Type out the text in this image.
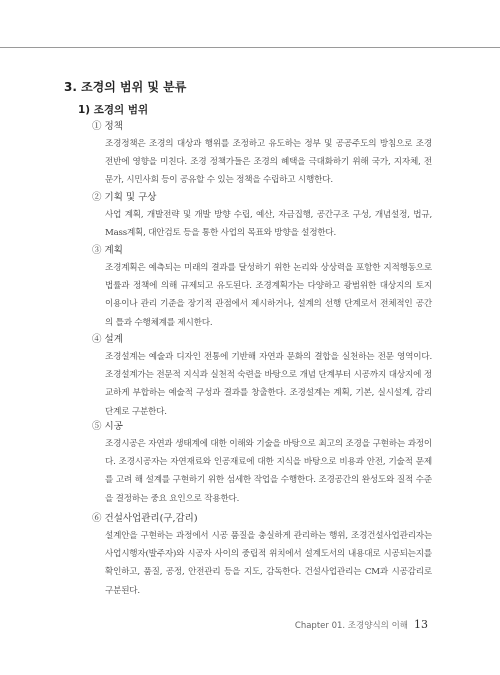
3. 조경의 범위 및 분류
1) 조경의 범위
① 정책
조경정책은 조경의 대상과 행위를 조정하고 유도하는 정부 및 공공주도의 방침으로 조경 전반에 영향을 미친다. 조경 정책가들은 조경의 혜택을 극대화하기 위해 국가, 지자체, 전문가, 시민사회 등이 공유할 수 있는 정책을 수립하고 시행한다.
② 기획 및 구상
사업 계획, 개발전략 및 개발 방향 수립, 예산, 자금집행, 공간구조 구성, 개념설정, 법규, Mass계획, 대안검토 등을 통한 사업의 목표와 방향을 설정한다.
③ 계획
조경계획은 예측되는 미래의 결과를 달성하기 위한 논리와 상상력을 포함한 지적행동으로 법률과 정책에 의해 규제되고 유도된다. 조경계획가는 다양하고 광범위한 대상지의 토지 이용이나 관리 기준을 장기적 관점에서 제시하거나, 설계의 선행 단계로서 전체적인 공간의 틀과 수행체계를 제시한다.
④ 설계
조경설계는 예술과 디자인 전통에 기반해 자연과 문화의 결합을 실천하는 전문 영역이다. 조경설계가는 전문적 지식과 실천적 숙련을 바탕으로 개념 단계부터 시공까지 대상지에 정교하게 부합하는 예술적 구성과 결과를 창출한다. 조경설계는 계획, 기본, 실시설계, 감리 단계로 구분한다.
⑤ 시공
조경시공은 자연과 생태계에 대한 이해와 기술을 바탕으로 최고의 조경을 구현하는 과정이다. 조경시공자는 자연재료와 인공재료에 대한 지식을 바탕으로 비용과 안전, 기술적 문제를 고려 해 설계를 구현하기 위한 섬세한 작업을 수행한다. 조경공간의 완성도와 질적 수준을 결정하는 중요 요인으로 작용한다.
⑥ 건설사업관리(구,감리)
설계안을 구현하는 과정에서 시공 품질을 충실하게 관리하는 행위, 조경건설사업관리자는 사업시행자(발주자)와 시공자 사이의 중립적 위치에서 설계도서의 내용대로 시공되는지를 확인하고, 품질, 공정, 안전관리 등을 지도, 감독한다. 건설사업관리는 CM과 시공감리로 구분된다.
Chapter 01. 조경양식의 이해 13
